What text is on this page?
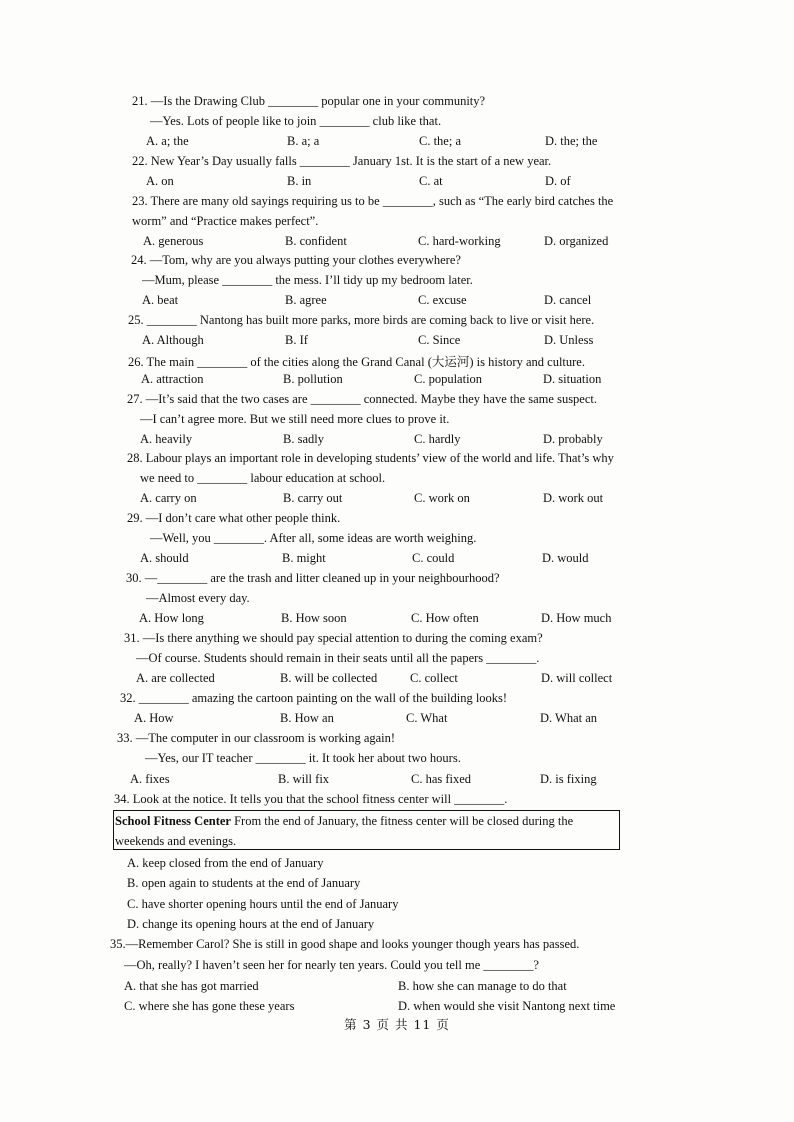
21. —Is the Drawing Club ________ popular one in your community?
—Yes. Lots of people like to join ________ club like that.
A. a; the	B. a; a	C. the; a	D. the; the
22. New Year’s Day usually falls ________ January 1st. It is the start of a new year.
A. on	B. in	C. at	D. of
23. There are many old sayings requiring us to be ________, such as “The early bird catches the
worm” and “Practice makes perfect”.
A. generous	B. confident	C. hard-working	D. organized
24. —Tom, why are you always putting your clothes everywhere?
—Mum, please ________ the mess. I’ll tidy up my bedroom later.
A. beat	B. agree	C. excuse	D. cancel
25. ________ Nantong has built more parks, more birds are coming back to live or visit here.
A. Although	B. If	C. Since	D. Unless
26. The main ________ of the cities along the Grand Canal (大运河) is history and culture.
A. attraction	B. pollution	C. population	D. situation
27. —It’s said that the two cases are ________ connected. Maybe they have the same suspect.
—I can’t agree more. But we still need more clues to prove it.
A. heavily	B. sadly	C. hardly	D. probably
28. Labour plays an important role in developing students’ view of the world and life. That’s why
we need to ________ labour education at school.
A. carry on	B. carry out	C. work on	D. work out
29. —I don’t care what other people think.
—Well, you ________. After all, some ideas are worth weighing.
A. should	B. might	C. could	D. would
30. —________ are the trash and litter cleaned up in your neighbourhood?
—Almost every day.
A. How long	B. How soon	C. How often	D. How much
31. —Is there anything we should pay special attention to during the coming exam?
—Of course. Students should remain in their seats until all the papers ________.
A. are collected	B. will be collected	C. collect	D. will collect
32. ________ amazing the cartoon painting on the wall of the building looks!
A. How	B. How an	C. What	D. What an
33. —The computer in our classroom is working again!
—Yes, our IT teacher ________ it. It took her about two hours.
A. fixes	B. will fix	C. has fixed	D. is fixing
34. Look at the notice. It tells you that the school fitness center will ________.
School Fitness Center From the end of January, the fitness center will be closed during the
weekends and evenings.
A. keep closed from the end of January
B. open again to students at the end of January
C. have shorter opening hours until the end of January
D. change its opening hours at the end of January
35.—Remember Carol? She is still in good shape and looks younger though years has passed.
—Oh, really? I haven’t seen her for nearly ten years. Could you tell me ________?
A. that she has got married	B. how she can manage to do that
C. where she has gone these years	D. when would she visit Nantong next time
第 3 页 共 11 页
